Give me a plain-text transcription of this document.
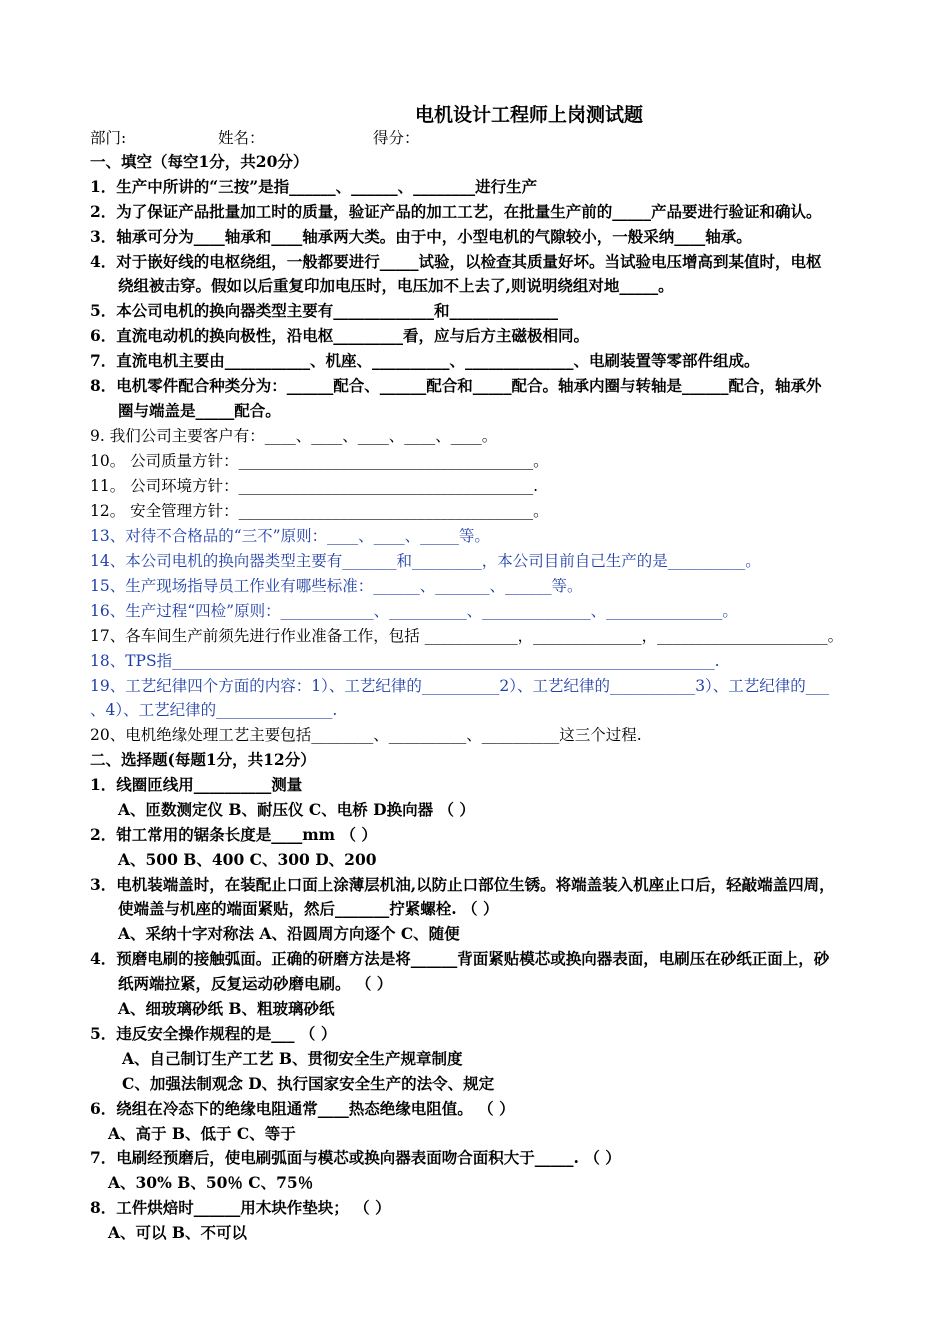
电机设计工程师上岗测试题
部门:	姓名：	得分：
一、填空（每空1分，共20分）
1．生产中所讲的“三按”是指______、______、________进行生产
2．为了保证产品批量加工时的质量，验证产品的加工工艺，在批量生产前的_____产品要进行验证和确认。
3．轴承可分为____轴承和____轴承两大类。由于中，小型电机的气隙较小，一般采纳____轴承。
4．对于嵌好线的电枢绕组，一般都要进行_____试验，以检查其质量好坏。当试验电压增高到某值时，电枢
绕组被击穿。假如以后重复印加电压时，电压加不上去了,则说明绕组对地_____。
5．本公司电机的换向器类型主要有_____________和______________
6．直流电动机的换向极性，沿电枢_________看，应与后方主磁极相同。
7．直流电机主要由___________、机座、__________、______________、电刷装置等零部件组成。
8．电机零件配合种类分为：______配合、______配合和_____配合。轴承内圈与转轴是______配合，轴承外
圈与端盖是_____配合。
9. 我们公司主要客户有：____、____、____、____、____。
10。 公司质量方针：______________________________________。
11。 公司环境方针：______________________________________.
12。 安全管理方针：______________________________________。
13、对待不合格品的“三不”原则：____、____、_____等。
14、本公司电机的换向器类型主要有_______和_________，本公司目前自己生产的是__________。
15、生产现场指导员工作业有哪些标准：______、_______、______等。
16、生产过程“四检”原则：____________、__________、______________、_______________。
17、各车间生产前须先进行作业准备工作，包括 ____________，______________，______________________。
18、TPS指______________________________________________________________________.
19、工艺纪律四个方面的内容：1）、工艺纪律的__________2）、工艺纪律的___________3）、工艺纪律的___
、4）、工艺纪律的_______________.
20、电机绝缘处理工艺主要包括________、__________、__________这三个过程.
二、选择题(每题1分，共12分）
1．线圈匝线用__________测量
A、匝数测定仪 B、耐压仪 C、电桥 D换向器 （ ）
2．钳工常用的锯条长度是____mm （ ）
A、500 B、400 C、300 D、200
3．电机装端盖时，在装配止口面上涂薄层机油,以防止口部位生锈。将端盖装入机座止口后，轻敲端盖四周，
使端盖与机座的端面紧贴，然后_______拧紧螺栓. （ ）
A、采纳十字对称法 A、沿圆周方向逐个 C、随便
4．预磨电刷的接触弧面。正确的研磨方法是将______背面紧贴模芯或换向器表面，电刷压在砂纸正面上，砂
纸两端拉紧，反复运动砂磨电刷。 （ ）
A、细玻璃砂纸 B、粗玻璃砂纸
5．违反安全操作规程的是___ （ ）
A、自己制订生产工艺 B、贯彻安全生产规章制度
C、加强法制观念 D、执行国家安全生产的法令、规定
6．绕组在冷态下的绝缘电阻通常____热态绝缘电阻值。 （ ）
A、高于 B、低于 C、等于
7．电刷经预磨后，使电刷弧面与模芯或换向器表面吻合面积大于_____. （ ）
A、30% B、50％ C、75％
8．工件烘焙时______用木块作垫块； （ ）
A、可以 B、不可以
